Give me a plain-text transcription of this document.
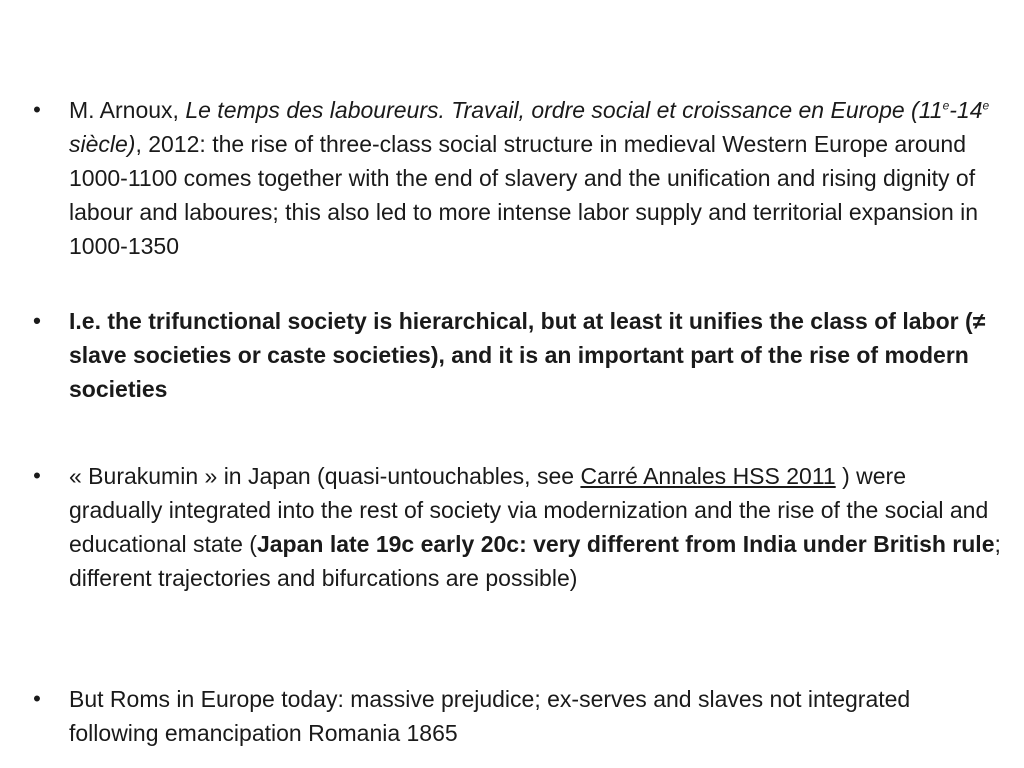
• M. Arnoux, Le temps des laboureurs. Travail, ordre social et croissance en Europe (11e-14e siècle), 2012: the rise of three-class social structure in medieval Western Europe around 1000-1100 comes together with the end of slavery and the unification and rising dignity of labour and laboures; this also led to more intense labor supply and territorial expansion in 1000-1350
• I.e. the trifunctional society is hierarchical, but at least it unifies the class of labor (≠ slave societies or caste societies), and it is an important part of the rise of modern societies
• « Burakumin » in Japan (quasi-untouchables, see Carré Annales HSS 2011 ) were gradually integrated into the rest of society via modernization and the rise of the social and educational state (Japan late 19c early 20c: very different from India under British rule; different trajectories and bifurcations are possible)
• But Roms in Europe today: massive prejudice; ex-serves and slaves not integrated following emancipation Romania 1865
